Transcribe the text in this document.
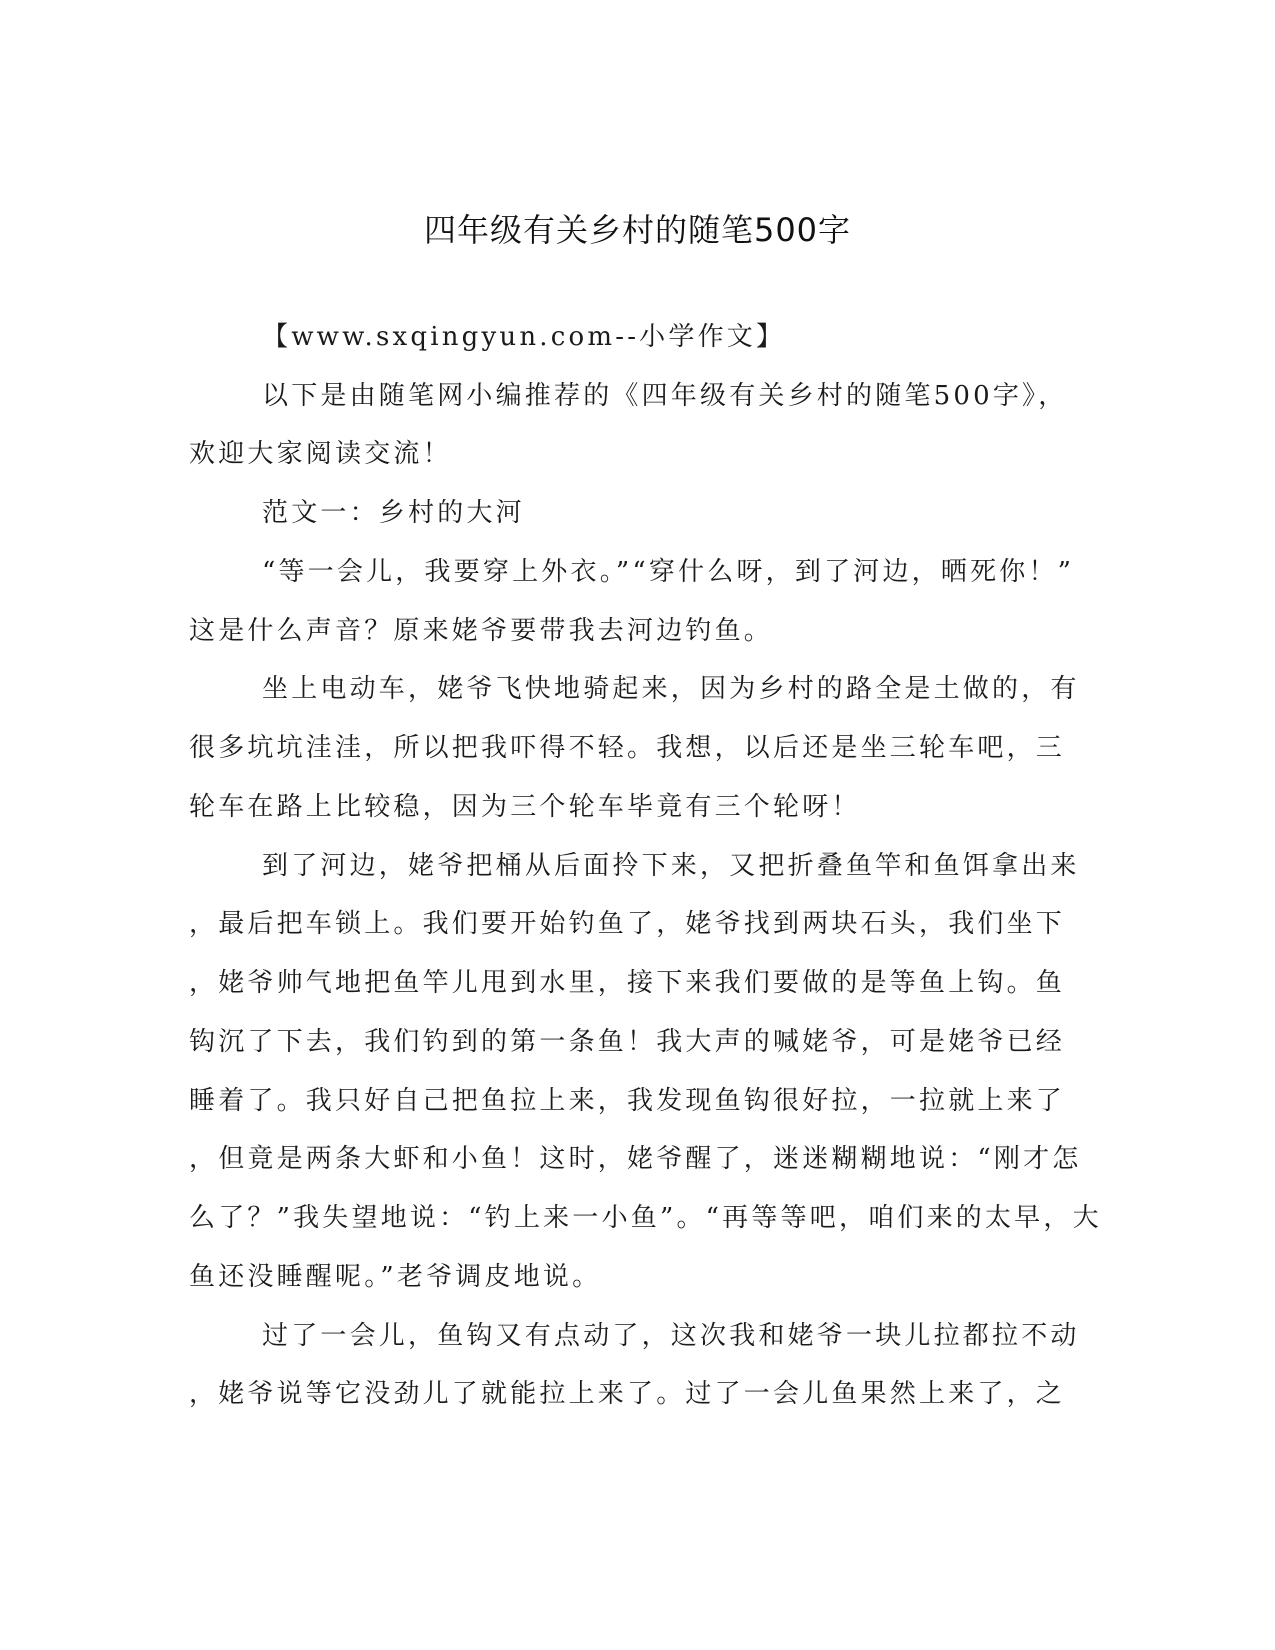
四年级有关乡村的随笔500字
【www.sxqingyun.com--小学作文】
以下是由随笔网小编推荐的《四年级有关乡村的随笔500字》，
欢迎大家阅读交流！
范文一：乡村的大河
“等一会儿，我要穿上外衣。”“穿什么呀，到了河边，晒死你！”
这是什么声音？原来姥爷要带我去河边钓鱼。
坐上电动车，姥爷飞快地骑起来，因为乡村的路全是土做的，有
很多坑坑洼洼，所以把我吓得不轻。我想，以后还是坐三轮车吧，三
轮车在路上比较稳，因为三个轮车毕竟有三个轮呀！
到了河边，姥爷把桶从后面拎下来，又把折叠鱼竿和鱼饵拿出来
，最后把车锁上。我们要开始钓鱼了，姥爷找到两块石头，我们坐下
，姥爷帅气地把鱼竿儿甩到水里，接下来我们要做的是等鱼上钩。鱼
钩沉了下去，我们钓到的第一条鱼！我大声的喊姥爷，可是姥爷已经
睡着了。我只好自己把鱼拉上来，我发现鱼钩很好拉，一拉就上来了
，但竟是两条大虾和小鱼！这时，姥爷醒了，迷迷糊糊地说：“刚才怎
么了？”我失望地说：“钓上来一小鱼”。“再等等吧，咱们来的太早，大
鱼还没睡醒呢。”老爷调皮地说。
过了一会儿，鱼钩又有点动了，这次我和姥爷一块儿拉都拉不动
，姥爷说等它没劲儿了就能拉上来了。过了一会儿鱼果然上来了，之
